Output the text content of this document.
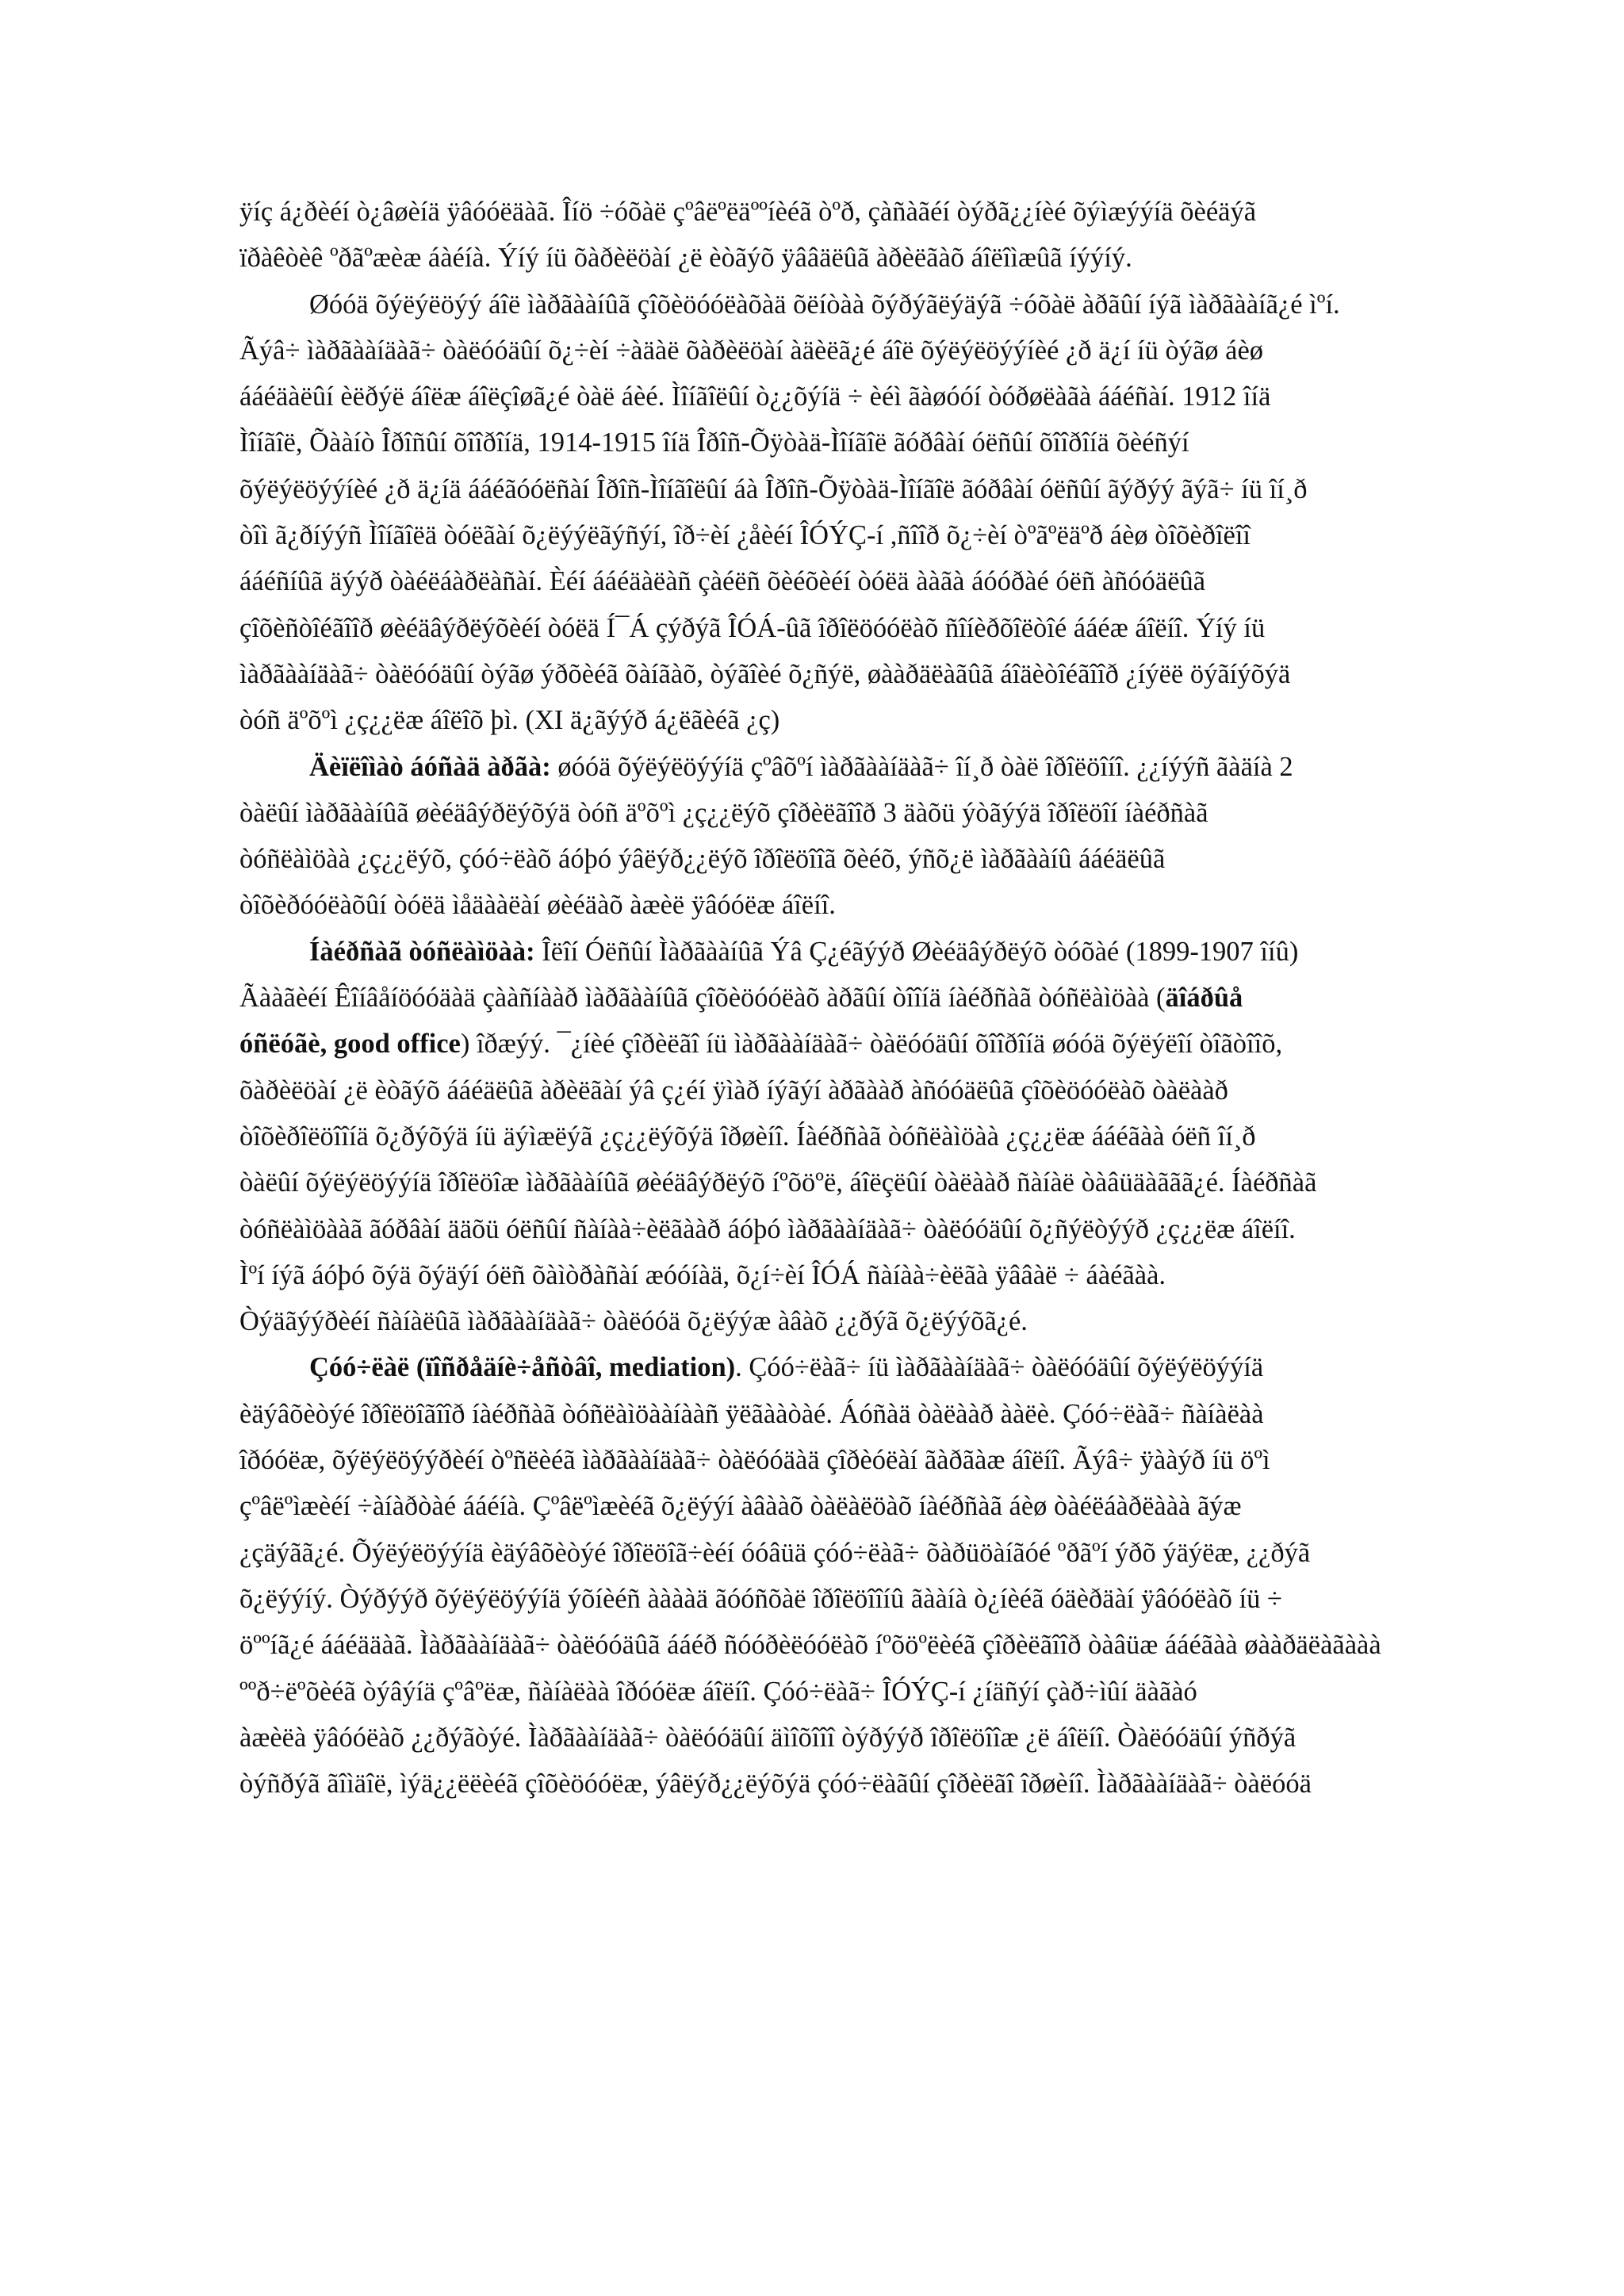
ÿíç á¿ðèéí ò¿âøèíä ÿâóóëäàã. Îíö ÷óõàë çºâëºëäººíèéã òºð, çàñàãéí òýðã¿¿íèé õýìæýýíä õèéäýã
ïðàêòèê ºðãºæèæ áàéíà. Ýíý íü õàðèëöàí ¿ë èòãýõ ÿââäëûã àðèëãàõ áîëîìæûã íýýíý.

Øóóä õýëýëöýý áîë ìàðãààíûã çîõèöóóëàõàä õëíòàà õýðýãëýäýã ÷óõàë àðãûí íýã ìàðãààíã¿é ìºí.
Ãýâ÷ ìàðãààíäàã÷ òàëóóäûí õ¿÷èí ÷àäàë õàðèëöàí àäèëã¿é áîë õýëýëöýýíèé ¿ð ä¿í íü òýãø áèø
ááéäàëûí èëðýë áîëæ áîëçîøã¿é òàë áèé. Ìîíãîëûí ò¿¿õýíä ÷ èéì ãàøóóí òóðøëàãà ááéñàí. 1912 îíä
Ìîíãîë, Õààíò Îðîñûí õîîðîíä, 1914-1915 îíä Îðîñ-Õÿòàä-Ìîíãîë ãóðâàí óëñûí õîîðîíä õèéñýí
õýëýëöýýíèé ¿ð ä¿íä ááéãóóëñàí Îðîñ-Ìîíãîëûí áà Îðîñ-Õÿòàä-Ìîíãîë ãóðâàí óëñûí ãýðýý ãýã÷ íü îí¸ð
òîì ã¿ðíýýñ Ìîíãîëä òóëãàí õ¿ëýýëãýñýí, îð÷èí ¿åèéí ÎÓÝÇ-í ,ñîîð õ¿÷èí òºãºëäºð áèø òîõèðîëîî
ááéñíûã äýýð òàéëáàðëàñàí. Èéí ááéäàëàñ çàéëñ õèéõèéí òóëä ààãà áóóðàé óëñ àñóóäëûã
çîõèñòîéãîîð øèéäâýðëýõèéí òóëä Í¯Á çýðýã ÎÓÁ-ûã îðîëöóóëàõ ñîíèðõîëòîé ááéæ áîëíî. Ýíý íü
ìàðãààíäàã÷ òàëóóäûí òýãø ýðõèéã õàíãàõ, òýãîèé õ¿ñýë, øààðäëàãûã áîäèòîéãîîð ¿íýëë öýãíýõýä
òóñ äºõºì ¿ç¿¿ëæ áîëîõ þì. (XI ä¿ãýýð á¿ëãèéã ¿ç)

Äèïëîìàò áóñàä àðãà: øóóä õýëýëöýýíä çºâõºí ìàðãààíäàã÷ îí¸ð òàë îðîëöîíî. ¿¿íýýñ ãàäíà 2
òàëûí ìàðãààíûã øèéäâýðëýõýä òóñ äºõºì ¿ç¿¿ëýõ çîðèëãîîð 3 äàõü ýòãýýä îðîëöîí íàéðñàã
òóñëàìöàà ¿ç¿¿ëýõ, çóó÷ëàõ áóþó ýâëýð¿¿ëýõ îðîëöîîã õèéõ, ýñõ¿ë ìàðãààíû ááéäëûã
òîõèðóóëàõûí òóëä ìåäààëàí øèéäàõ àæèë ÿâóóëæ áîëíî.

Íàéðñàã òóñëàìöàà: Îëîí Óëñûí Ìàðãààíûã Ýâ Ç¿éãýýð Øèéäâýðëýõ òóõàé (1899-1907 îíû)
Ãààãèéí Êîíâåíöóóäàä çààñíààð ìàðãààíûã çîõèöóóëàõ àðãûí òîîíä íàéðñàã òóñëàìöàà (äîáðûå
óñëóãè, good office) îðæýý. ¯¿íèé çîðèëãî íü ìàðãààíäàã÷ òàëóóäûí õîîðîíä øóóä õýëýëîí òîãòîîõ,
õàðèëöàí ¿ë èòãýõ ááéäëûã àðèëãàí ýâ ç¿éí ÿìàð íýãýí àðãààð àñóóäëûã çîõèöóóëàõ òàëààð
òîõèðîëöîîíä õ¿ðýõýä íü äýìæëýã ¿ç¿¿ëýõýä îðøèíî. Íàéðñàã òóñëàìöàà ¿ç¿¿ëæ ááéãàà óëñ îí¸ð
òàëûí õýëýëöýýíä îðîëöîæ ìàðãààíûã øèéäâýðëýõ íºõöºë, áîëçëûí òàëààð ñàíàë òàâüäàããã¿é. Íàéðñàã
òóñëàìöààã ãóðâàí ääõü óëñûí ñàíàà÷èëãààð áóþó ìàðãààíäàã÷ òàëóóäûí õ¿ñýëòýýð ¿ç¿¿ëæ áîëíî.
Ìºí íýã áóþó õýä õýäýí óëñ õàìòðàñàí æóóíàä, õ¿í÷èí ÎÓÁ ñàíàà÷èëãà ÿââàë ÷ áàéãàà.
Òýäãýýðèéí ñàíàëûã ìàðãààíäàã÷ òàëóóä õ¿ëýýæ àâàõ ¿¿ðýã õ¿ëýýõã¿é.

Çóó÷ëàë (ïîñðåäíè÷åñòâî, mediation). Çóó÷ëàã÷ íü ìàðãààíäàã÷ òàëóóäûí õýëýëöýýíä
èäýâõèòýé îðîëöîãîîð íàéðñàã òóñëàìöààíààñ ÿëãààòàé. Áóñàä òàëààð ààëè. Çóó÷ëàã÷ ñàíàëàà
îðóóëæ, õýëýëöýýðèéí òºñëèéã ìàðãààíäàã÷ òàëóóäàä çîðèóëàí ãàðãàæ áîëíî. Ãýâ÷ ÿààýð íü öºì
çºâëºìæèéí ÷àíàðòàé ááéíà. Çºâëºìæèéã õ¿ëýýí àâààõ òàëàëöàõ íàéðñàã áèø òàéëáàðëààà ãýæ
¿çäýãã¿é. Õýëýëöýýíä èäýâõèòýé îðîëöîã÷èéí óóâüä çóó÷ëàã÷ õàðüöàíãóé ºðãºí ýðõ ýäýëæ, ¿¿ðýã
õ¿ëýýíý. Òýðýýð õýëýëöýýíä ýõíèéñ ààààä ãóóñõàë îðîëöîîíû ãààíà ò¿íèéã óäèðäàí ÿâóóëàõ íü ÷
öººíã¿é ááéääàã. Ìàðãààíäàã÷ òàëóóäûã ááéð ñóóðèëóóëàõ íºõöºëèéã çîðèëãîîð òàâüæ ááéãàà øààðäëàãààà
ººð÷ëºõèéã òýâýíä çºâºëæ, ñàíàëàà îðóóëæ áîëíî. Çóó÷ëàã÷ ÎÓÝÇ-í ¿íäñýí çàð÷ìûí äàãàó
àæèëà ÿâóóëàõ ¿¿ðýãòýé. Ìàðãààíäàã÷ òàëóóäûí äìîõîîî òýðýýð îðîëöîîæ ¿ë áîëíî. Òàëóóäûí ýñðýã
òýñðýã ãîìäîë, ìýä¿¿ëëèéã çîõèöóóëæ, ýâëýð¿¿ëýõýä çóó÷ëàãûí çîðèëãî îðøèíî. Ìàðãààíäàã÷ òàëóóä
